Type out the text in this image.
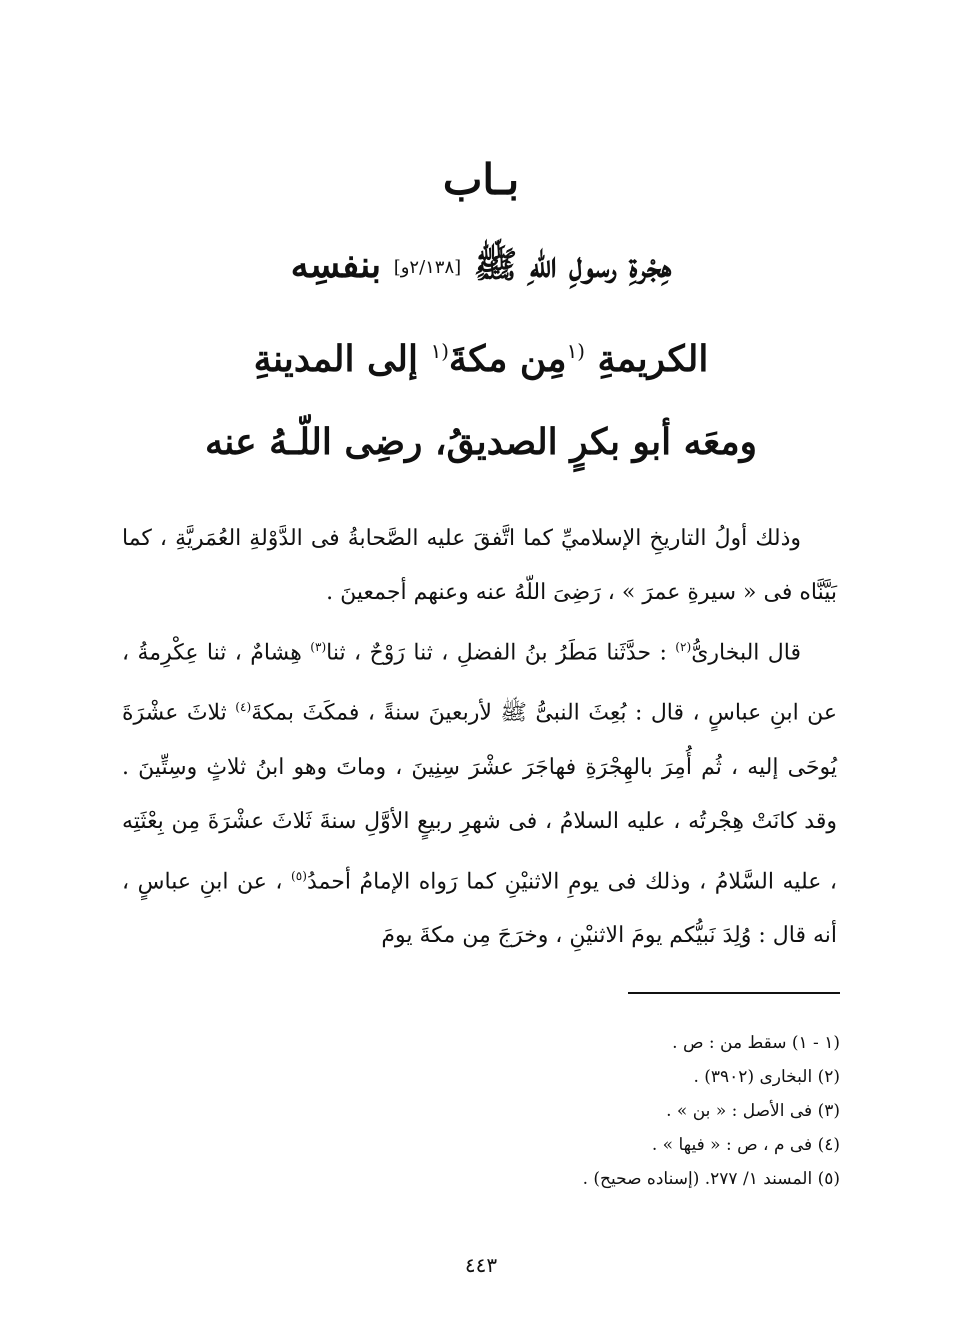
بـاب
هِجْرةِ رسولِ اللّهِ ﷺ [٢/١٣٨و] بنفسِه
الكريمةِ $^{(١}$مِن مكةَ$^{(١}$ إلى المدينةِ
ومعَه أبو بكرٍ الصديقُ، رضِى اللّـهُ عنه

وذلك أولُ التاريخِ الإسلاميِّ كما اتَّفقَ عليه الصَّحابةُ فى الدَّوْلةِ العُمَريَّةِ ، كما بَيَّنَّاه فى « سيرةِ عمرَ » ، رَضِىَ اللّهُ عنه وعنهم أجمعينَ .

قال البخارىُّ$^{(٢)}$ : حدَّثَنا مَطَرُ بنُ الفضلِ ، ثنا رَوْحٌ ، ثنا$^{(٣)}$ هِشامٌ ، ثنا عِكْرِمةُ ، عن ابنِ عباسٍ ، قال : بُعِثَ النبىُّ ﷺ لأربعينَ سنةً ، فمكَثَ بمكةَ$^{(٤)}$ ثلاثَ عشْرَةَ يُوحَى إليه ، ثُم أُمِرَ بالهِجْرَةِ فهاجَرَ عشْرَ سِنِينَ ، وماتَ وهو ابنُ ثلاثٍ وسِتِّينَ . وقد كانَتْ هِجْرتُه ، عليه السلامُ ، فى شهرِ ربيعٍ الأوَّلِ سنةَ ثَلاثَ عشْرَةَ مِن بِعْثَتِه ، عليه السَّلامُ ، وذلك فى يومِ الاثنيْنِ كما رَواه الإمامُ أحمدُ$^{(٥)}$ ، عن ابنِ عباسٍ ، أنه قال : وُلِدَ نَبيُّكم يومَ الاثنيْنِ ، وخرَجَ مِن مكةَ يومَ

(١ - ١) سقط من : ص .
(٢) البخارى (٣٩٠٢) .
(٣) فى الأصل : « بن » .
(٤) فى م ، ص : « فيها » .
(٥) المسند ١/ ٢٧٧. (إسناده صحيح) .
٤٤٣
